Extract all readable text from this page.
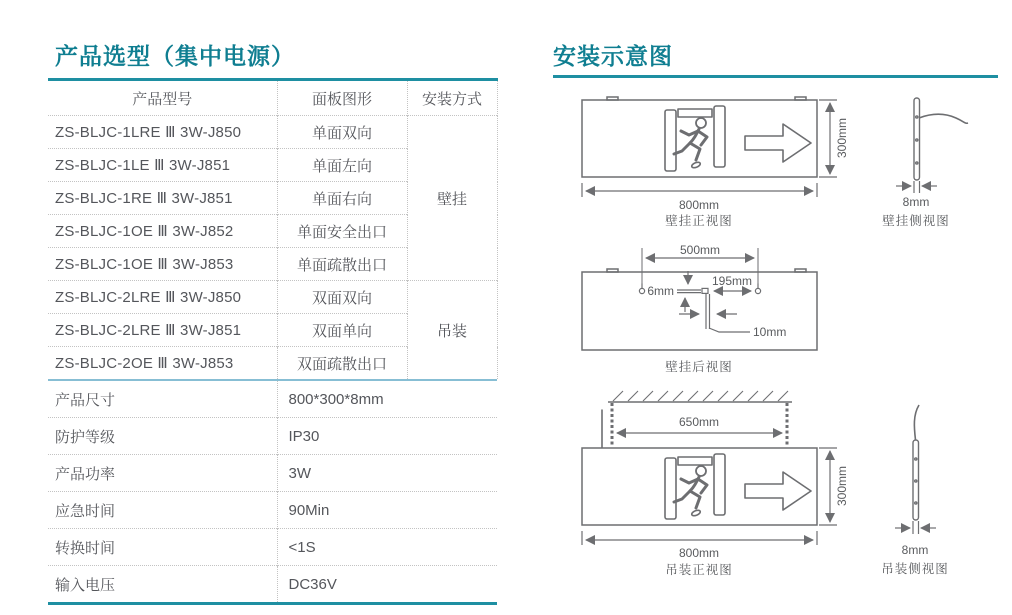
产品选型（集中电源）
产品型号	面板图形	安装方式
ZS-BLJC-1LRE Ⅲ 3W-J850	单面双向	壁挂
ZS-BLJC-1LE Ⅲ 3W-J851	单面左向	
ZS-BLJC-1RE Ⅲ 3W-J851	单面右向	
ZS-BLJC-1OE Ⅲ 3W-J852	单面安全出口	
ZS-BLJC-1OE Ⅲ 3W-J853	单面疏散出口	
ZS-BLJC-2LRE Ⅲ 3W-J850	双面双向	吊装
ZS-BLJC-2LRE Ⅲ 3W-J851	双面单向	
ZS-BLJC-2OE Ⅲ 3W-J853	双面疏散出口	
产品尺寸	800*300*8mm
防护等级	IP30
产品功率	3W
应急时间	90Min
转换时间	<1S
输入电压	DC36V
安装示意图
300mm
800mm
壁挂正视图
8mm
壁挂侧视图
500mm
6mm
195mm
10mm
壁挂后视图
650mm
300mm
800mm
吊装正视图
8mm
吊装侧视图
